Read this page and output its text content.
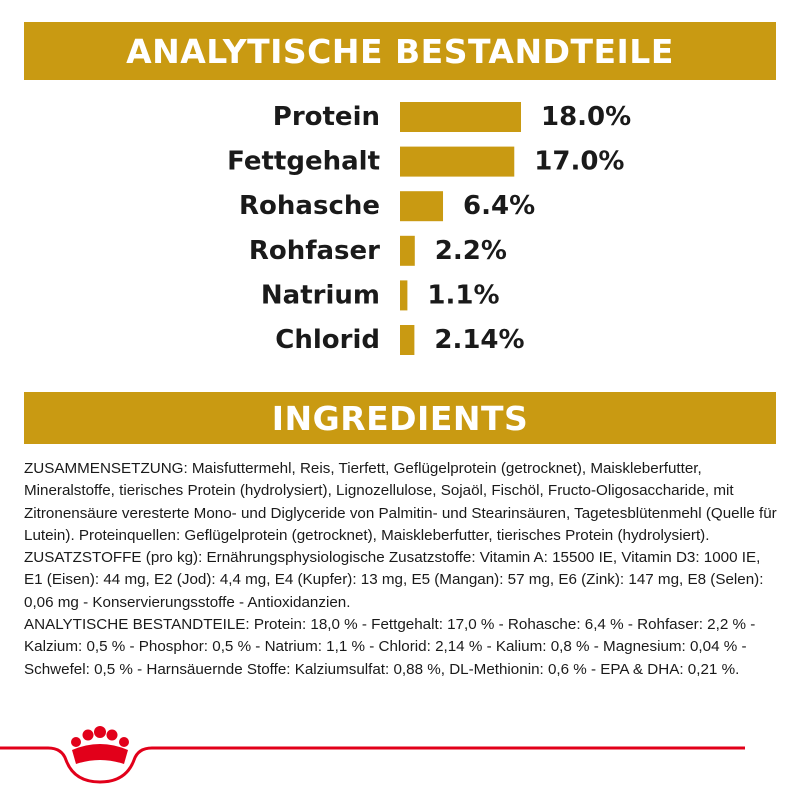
ANALYTISCHE BESTANDTEILE
Protein	18.0%
Fettgehalt	17.0%
Rohasche	6.4%
Rohfaser 2.2%
Natrium 1.1%
Chlorid 2.14%
INGREDIENTS

ZUSAMMENSETZUNG: Maisfuttermehl, Reis, Tierfett, Geflügelprotein (getrocknet), Maiskleberfutter, Mineralstoffe, tierisches Protein (hydrolysiert), Lignozellulose, Sojaöl, Fischöl, Fructo-Oligosaccharide, mit Zitronensäure veresterte Mono- und Diglyceride von Palmitin- und Stearinsäuren, Tagetesblütenmehl (Quelle für Lutein). Proteinquellen: Geflügelprotein (getrocknet), Maiskleberfutter, tierisches Protein (hydrolysiert).

ZUSATZSTOFFE (pro kg): Ernährungsphysiologische Zusatzstoffe: Vitamin A: 15500 IE, Vitamin D3: 1000 IE, E1 (Eisen): 44 mg, E2 (Jod): 4,4 mg, E4 (Kupfer): 13 mg, E5 (Mangan): 57 mg, E6 (Zink): 147 mg, E8 (Selen): 0,06 mg - Konservierungsstoffe - Antioxidanzien.

ANALYTISCHE BESTANDTEILE: Protein: 18,0 % - Fettgehalt: 17,0 % - Rohasche: 6,4 % - Rohfaser: 2,2 % - Kalzium: 0,5 % - Phosphor: 0,5 % - Natrium: 1,1 % - Chlorid: 2,14 % - Kalium: 0,8 % - Magnesium: 0,04 % - Schwefel: 0,5 % - Harnsäuernde Stoffe: Kalziumsulfat: 0,88 %, DL-Methionin: 0,6 % - EPA & DHA: 0,21 %.
